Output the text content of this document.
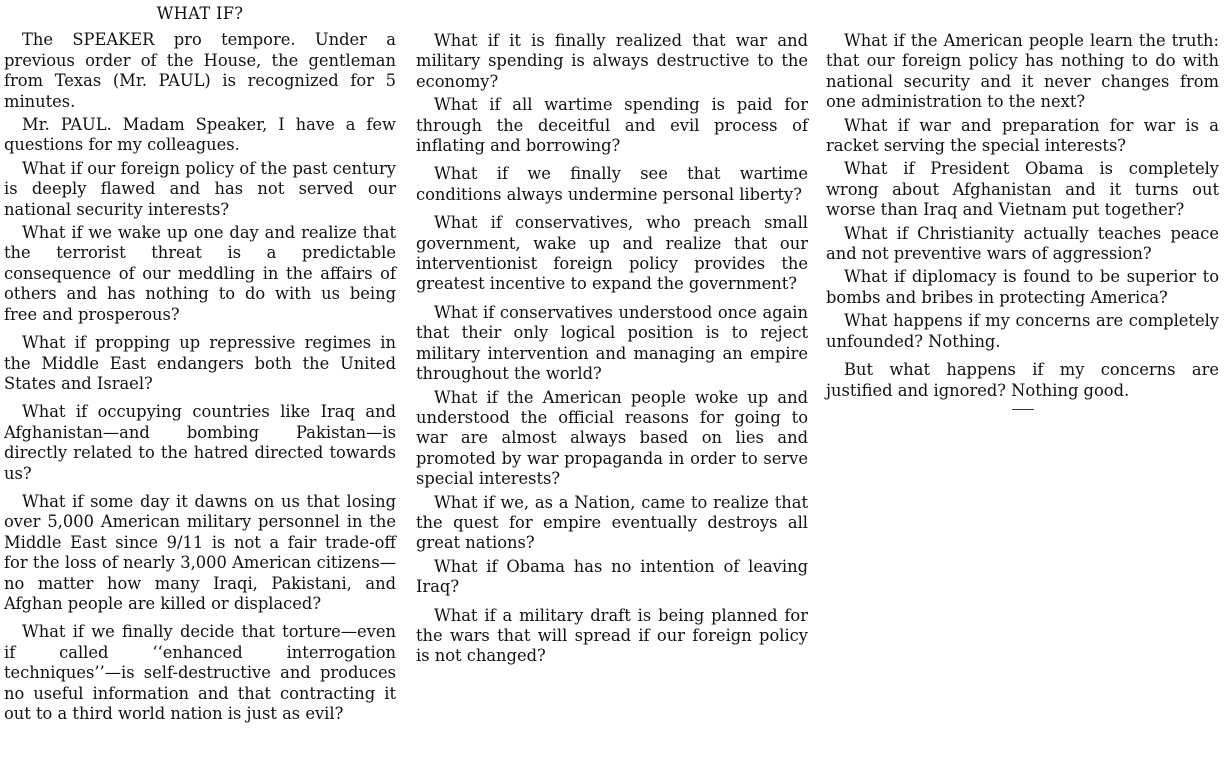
WHAT IF?

The SPEAKER pro tempore. Under a previous order of the House, the gentleman from Texas (Mr. PAUL) is recognized for 5 minutes.

Mr. PAUL. Madam Speaker, I have a few questions for my colleagues.

What if our foreign policy of the past century is deeply flawed and has not served our national security interests?

What if we wake up one day and realize that the terrorist threat is a predictable consequence of our meddling in the affairs of others and has nothing to do with us being free and prosperous?

What if propping up repressive regimes in the Middle East endangers both the United States and Israel?

What if occupying countries like Iraq and Afghanistan—and bombing Pakistan—is directly related to the hatred directed towards us?

What if some day it dawns on us that losing over 5,000 American military personnel in the Middle East since 9/11 is not a fair trade-off for the loss of nearly 3,000 American citizens—no matter how many Iraqi, Pakistani, and Afghan people are killed or displaced?

What if we finally decide that torture—even if called ‘‘enhanced interrogation techniques’’—is self-destructive and produces no useful information and that contracting it out to a third world nation is just as evil?

What if it is finally realized that war and military spending is always destructive to the economy?

What if all wartime spending is paid for through the deceitful and evil process of inflating and borrowing?

What if we finally see that wartime conditions always undermine personal liberty?

What if conservatives, who preach small government, wake up and realize that our interventionist foreign policy provides the greatest incentive to expand the government?

What if conservatives understood once again that their only logical position is to reject military intervention and managing an empire throughout the world?

What if the American people woke up and understood the official reasons for going to war are almost always based on lies and promoted by war propaganda in order to serve special interests?

What if we, as a Nation, came to realize that the quest for empire eventually destroys all great nations?

What if Obama has no intention of leaving Iraq?

What if a military draft is being planned for the wars that will spread if our foreign policy is not changed?

What if the American people learn the truth: that our foreign policy has nothing to do with national security and it never changes from one administration to the next?

What if war and preparation for war is a racket serving the special interests?

What if President Obama is completely wrong about Afghanistan and it turns out worse than Iraq and Vietnam put together?

What if Christianity actually teaches peace and not preventive wars of aggression?

What if diplomacy is found to be superior to bombs and bribes in protecting America?

What happens if my concerns are completely unfounded? Nothing.

But what happens if my concerns are justified and ignored? Nothing good.
